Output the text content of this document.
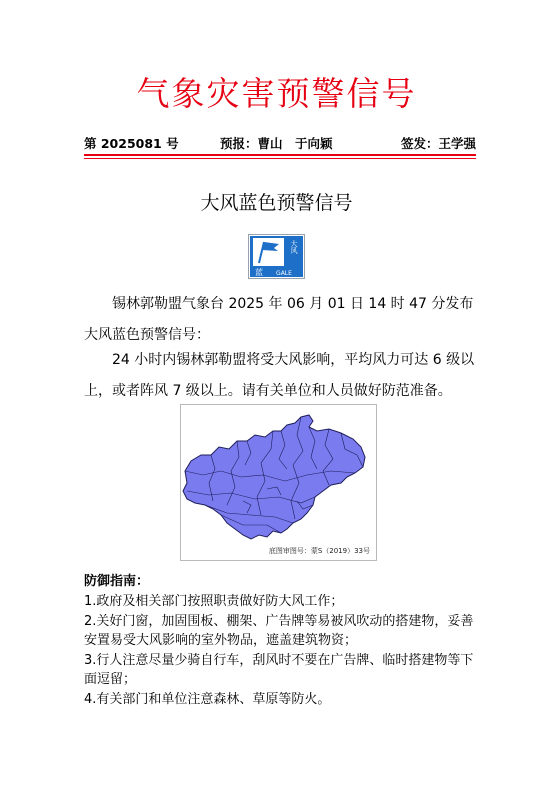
气象灾害预警信号
第 2025081 号	预报：曹山　于向颖	签发：王学强
大风蓝色预警信号
大风
蓝 GALE

锡林郭勒盟气象台 2025 年 06 月 01 日 14 时 47 分发布大风蓝色预警信号：

24 小时内锡林郭勒盟将受大风影响，平均风力可达 6 级以上，或者阵风 7 级以上。请有关单位和人员做好防范准备。

底图审图号：蒙S（2019）33号
防御指南：
1.政府及相关部门按照职责做好防大风工作；
2.关好门窗，加固围板、棚架、广告牌等易被风吹动的搭建物，妥善安置易受大风影响的室外物品，遮盖建筑物资；
3.行人注意尽量少骑自行车，刮风时不要在广告牌、临时搭建物等下面逗留；
4.有关部门和单位注意森林、草原等防火。
